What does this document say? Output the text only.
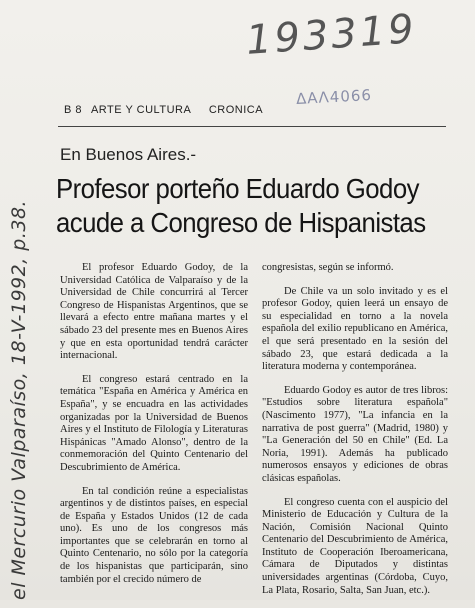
193319
ΔΑΛ4066
B 8 ARTE Y CULTURA CRONICA
En Buenos Aires.-
Profesor porteño Eduardo Godoy
acude a Congreso de Hispanistas

El profesor Eduardo Godoy, de la Universidad Católica de Valparaíso y de la Universidad de Chile concurrirá al Tercer Congreso de Hispanistas Argentinos, que se llevará a efecto entre mañana martes y el sábado 23 del presente mes en Buenos Aires y que en esta oportunidad tendrá carácter internacional.

El congreso estará centrado en la temática "España en América y América en España", y se encuadra en las actividades organizadas por la Universidad de Buenos Aires y el Instituto de Filología y Literaturas Hispánicas "Amado Alonso", dentro de la conmemoración del Quinto Centenario del Descubrimiento de América.

En tal condición reúne a especialistas argentinos y de distintos países, en especial de España y Estados Unidos (12 de cada uno). Es uno de los congresos más importantes que se celebrarán en torno al Quinto Centenario, no sólo por la categoría de los hispanistas que participarán, sino también por el crecido número de

congresistas, según se informó.

De Chile va un solo invitado y es el profesor Godoy, quien leerá un ensayo de su especialidad en torno a la novela española del exilio republicano en América, el que será presentado en la sesión del sábado 23, que estará dedicada a la literatura moderna y contemporánea.

Eduardo Godoy es autor de tres libros: "Estudios sobre literatura española" (Nascimento 1977), "La infancia en la narrativa de post guerra" (Madrid, 1980) y "La Generación del 50 en Chile" (Ed. La Noria, 1991). Además ha publicado numerosos ensayos y ediciones de obras clásicas españolas.

El congreso cuenta con el auspicio del Ministerio de Educación y Cultura de la Nación, Comisión Nacional Quinto Centenario del Descubrimiento de América, Instituto de Cooperación Iberoamericana, Cámara de Diputados y distintas universidades argentinas (Córdoba, Cuyo, La Plata, Rosario, Salta, San Juan, etc.).

el Mercurio Valparaíso, 18-V-1992, p.38.
